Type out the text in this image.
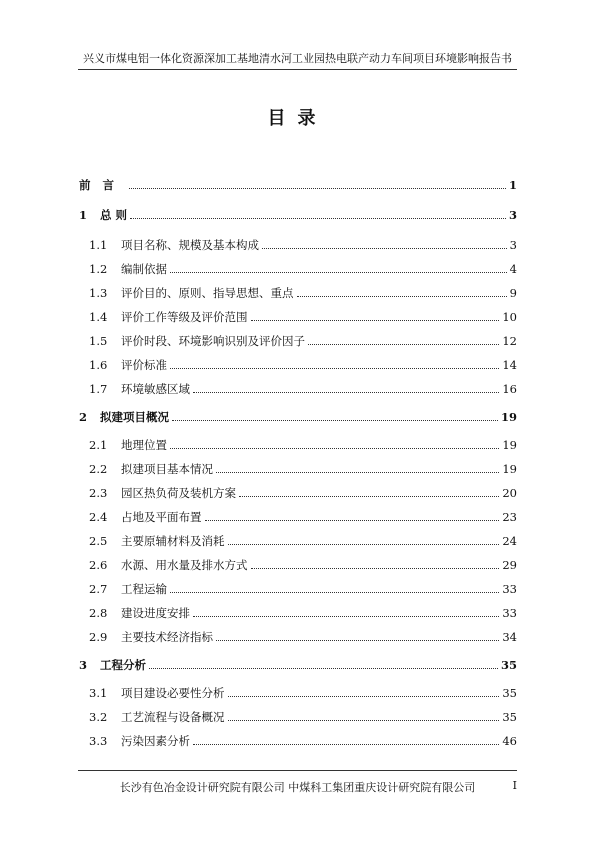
兴义市煤电铝一体化资源深加工基地清水河工业园热电联产动力车间项目环境影响报告书
目录
前言	1
1	总 则	3
1.1	项目名称、规模及基本构成	3
1.2	编制依据	4
1.3	评价目的、原则、指导思想、重点	9
1.4	评价工作等级及评价范围	10
1.5	评价时段、环境影响识别及评价因子	12
1.6	评价标准	14
1.7	环境敏感区域	16
2	拟建项目概况	19
2.1	地理位置	19
2.2	拟建项目基本情况	19
2.3	园区热负荷及装机方案	20
2.4	占地及平面布置	23
2.5	主要原辅材料及消耗	24
2.6	水源、用水量及排水方式	29
2.7	工程运输	33
2.8	建设进度安排	33
2.9	主要技术经济指标	34
3	工程分析	35
3.1	项目建设必要性分析	35
3.2	工艺流程与设备概况	35
3.3	污染因素分析	46
长沙有色冶金设计研究院有限公司 中煤科工集团重庆设计研究院有限公司	I
